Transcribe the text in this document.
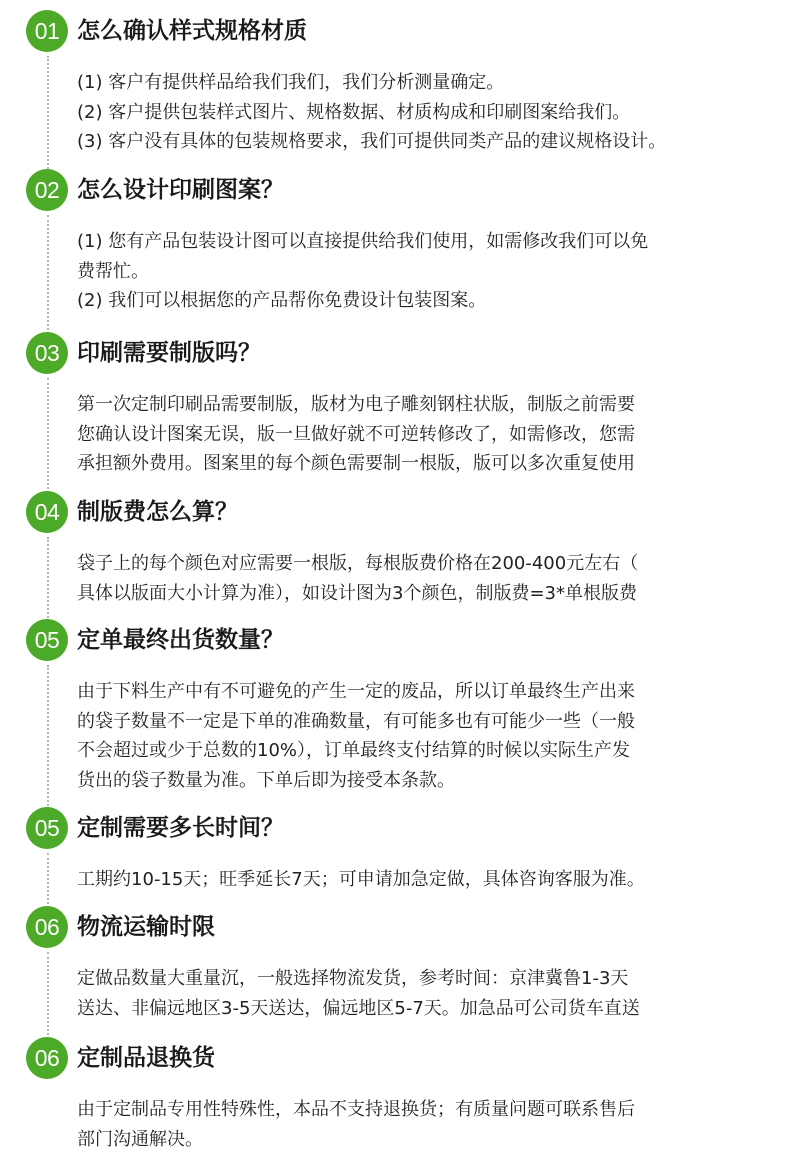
01 怎么确认样式规格材质
(1) 客户有提供样品给我们我们，我们分析测量确定。
(2) 客户提供包装样式图片、规格数据、材质构成和印刷图案给我们。
(3) 客户没有具体的包装规格要求，我们可提供同类产品的建议规格设计。
02 怎么设计印刷图案？
(1) 您有产品包装设计图可以直接提供给我们使用，如需修改我们可以免
费帮忙。
(2) 我们可以根据您的产品帮你免费设计包装图案。
03 印刷需要制版吗？
第一次定制印刷品需要制版，版材为电子雕刻钢柱状版，制版之前需要
您确认设计图案无误，版一旦做好就不可逆转修改了，如需修改，您需
承担额外费用。图案里的每个颜色需要制一根版，版可以多次重复使用
04 制版费怎么算？
袋子上的每个颜色对应需要一根版，每根版费价格在200-400元左右（
具体以版面大小计算为准），如设计图为3个颜色，制版费=3*单根版费
05 定单最终出货数量？
由于下料生产中有不可避免的产生一定的废品，所以订单最终生产出来
的袋子数量不一定是下单的准确数量，有可能多也有可能少一些（一般
不会超过或少于总数的10%），订单最终支付结算的时候以实际生产发
货出的袋子数量为准。下单后即为接受本条款。
05 定制需要多长时间？
工期约10-15天；旺季延长7天；可申请加急定做，具体咨询客服为准。
06 物流运输时限
定做品数量大重量沉，一般选择物流发货，参考时间：京津冀鲁1-3天
送达、非偏远地区3-5天送达，偏远地区5-7天。加急品可公司货车直送
06 定制品退换货
由于定制品专用性特殊性，本品不支持退换货；有质量问题可联系售后
部门沟通解决。
